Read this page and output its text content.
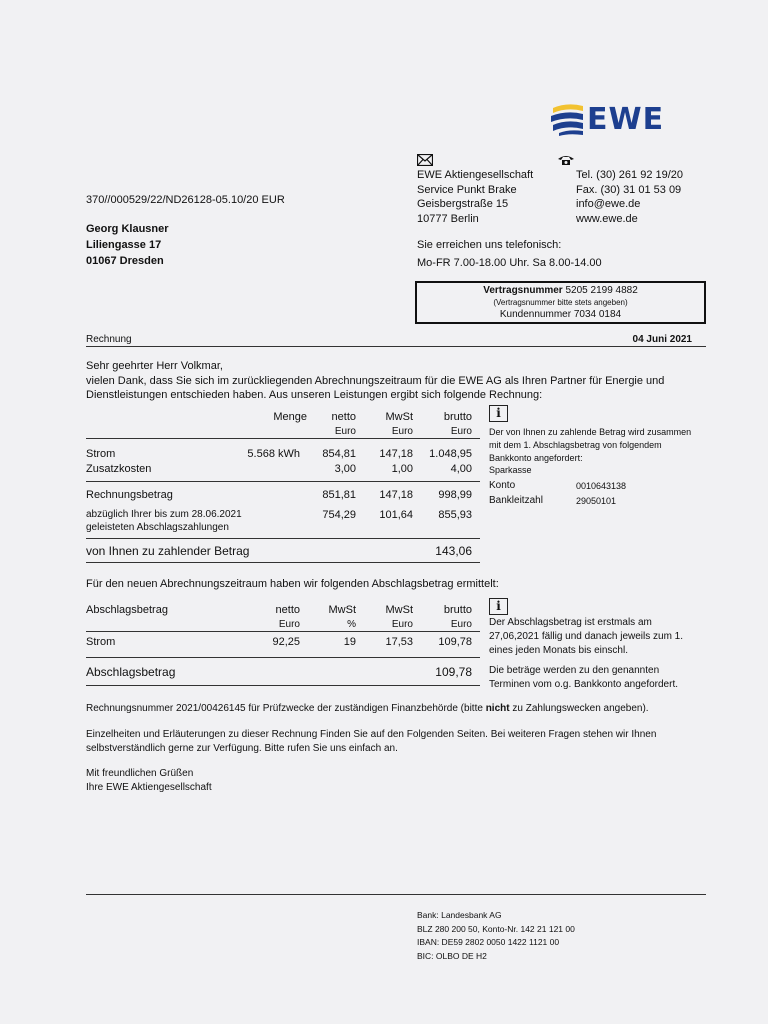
EWE
370//000529/22/ND26128-05.10/20 EUR
Georg Klausner
Liliengasse 17
01067 Dresden
EWE Aktiengesellschaft
Service Punkt Brake
Geisbergstraße 15
10777 Berlin
Tel. (30) 261 92 19/20
Fax. (30) 31 01 53 09
info@ewe.de
www.ewe.de
Sie erreichen uns telefonisch:
Mo-FR 7.00-18.00 Uhr. Sa 8.00-14.00
Vertragsnummer 5205 2199 4882
(Vertragsnummer bitte stets angeben)
Kundennummer 7034 0184
Rechnung	04 Juni 2021
Sehr geehrter Herr Volkmar,
vielen Dank, dass Sie sich im zurückliegenden Abrechnungszeitraum für die EWE AG als Ihren Partner für Energie und
Dienstleistungen entschieden haben. Aus unseren Leistungen ergibt sich folgende Rechnung:
Menge netto	MwSt	brutto
Euro	Euro	Euro
Strom	5.568 kWh 854,81 147,18 1.048,95
Zusatzkosten	3,00	1,00	4,00
Rechnungsbetrag	851,81 147,18 998,99
abzüglich Ihrer bis zum 28.06.2021
geleisteten Abschlagszahlungen
754,29 101,64 855,93
von Ihnen zu zahlender Betrag	143,06
i
Der von Ihnen zu zahlende Betrag wird zusammen
mit dem 1. Abschlagsbetrag von folgendem
Bankkonto angefordert:
Sparkasse
Konto	0010643138
Bankleitzahl	29050101
Für den neuen Abrechnungszeitraum haben wir folgenden Abschlagsbetrag ermittelt:
Abschlagsbetrag	netto	MwSt	MwSt	brutto
Euro	%	Euro	Euro
Strom	92,25	19	17,53 109,78
Abschlagsbetrag	109,78
i
Der Abschlagsbetrag ist erstmals am
27,06,2021 fällig und danach jeweils zum 1.
eines jeden Monats bis einschl.
Die beträge werden zu den genannten
Terminen vom o.g. Bankkonto angefordert.
Rechnungsnummer 2021/00426145 für Prüfzwecke der zuständigen Finanzbehörde (bitte nicht zu Zahlungswecken angeben).
Einzelheiten und Erläuterungen zu dieser Rechnung Finden Sie auf den Folgenden Seiten. Bei weiteren Fragen stehen wir Ihnen
selbstverständlich gerne zur Verfügung. Bitte rufen Sie uns einfach an.
Mit freundlichen Grüßen
Ihre EWE Aktiengesellschaft
Bank: Landesbank AG
BLZ 280 200 50, Konto-Nr. 142 21 121 00
IBAN: DE59 2802 0050 1422 1121 00
BIC: OLBO DE H2
